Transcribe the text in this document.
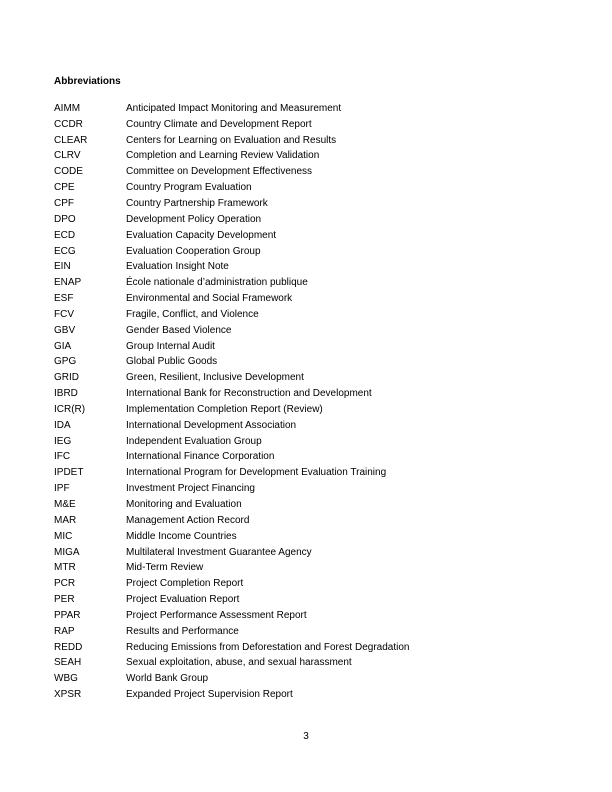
Abbreviations
AIMM	Anticipated Impact Monitoring and Measurement
CCDR	Country Climate and Development Report
CLEAR	Centers for Learning on Evaluation and Results
CLRV	Completion and Learning Review Validation
CODE	Committee on Development Effectiveness
CPE	Country Program Evaluation
CPF	Country Partnership Framework
DPO	Development Policy Operation
ECD	Evaluation Capacity Development
ECG	Evaluation Cooperation Group
EIN	Evaluation Insight Note
ENAP	École nationale d’administration publique
ESF	Environmental and Social Framework
FCV	Fragile, Conflict, and Violence
GBV	Gender Based Violence
GIA	Group Internal Audit
GPG	Global Public Goods
GRID	Green, Resilient, Inclusive Development
IBRD	International Bank for Reconstruction and Development
ICR(R)	Implementation Completion Report (Review)
IDA	International Development Association
IEG	Independent Evaluation Group
IFC	International Finance Corporation
IPDET	International Program for Development Evaluation Training
IPF	Investment Project Financing
M&E	Monitoring and Evaluation
MAR	Management Action Record
MIC	Middle Income Countries
MIGA	Multilateral Investment Guarantee Agency
MTR	Mid-Term Review
PCR	Project Completion Report
PER	Project Evaluation Report
PPAR	Project Performance Assessment Report
RAP	Results and Performance
REDD	Reducing Emissions from Deforestation and Forest Degradation
SEAH	Sexual exploitation, abuse, and sexual harassment
WBG	World Bank Group
XPSR	Expanded Project Supervision Report
3
